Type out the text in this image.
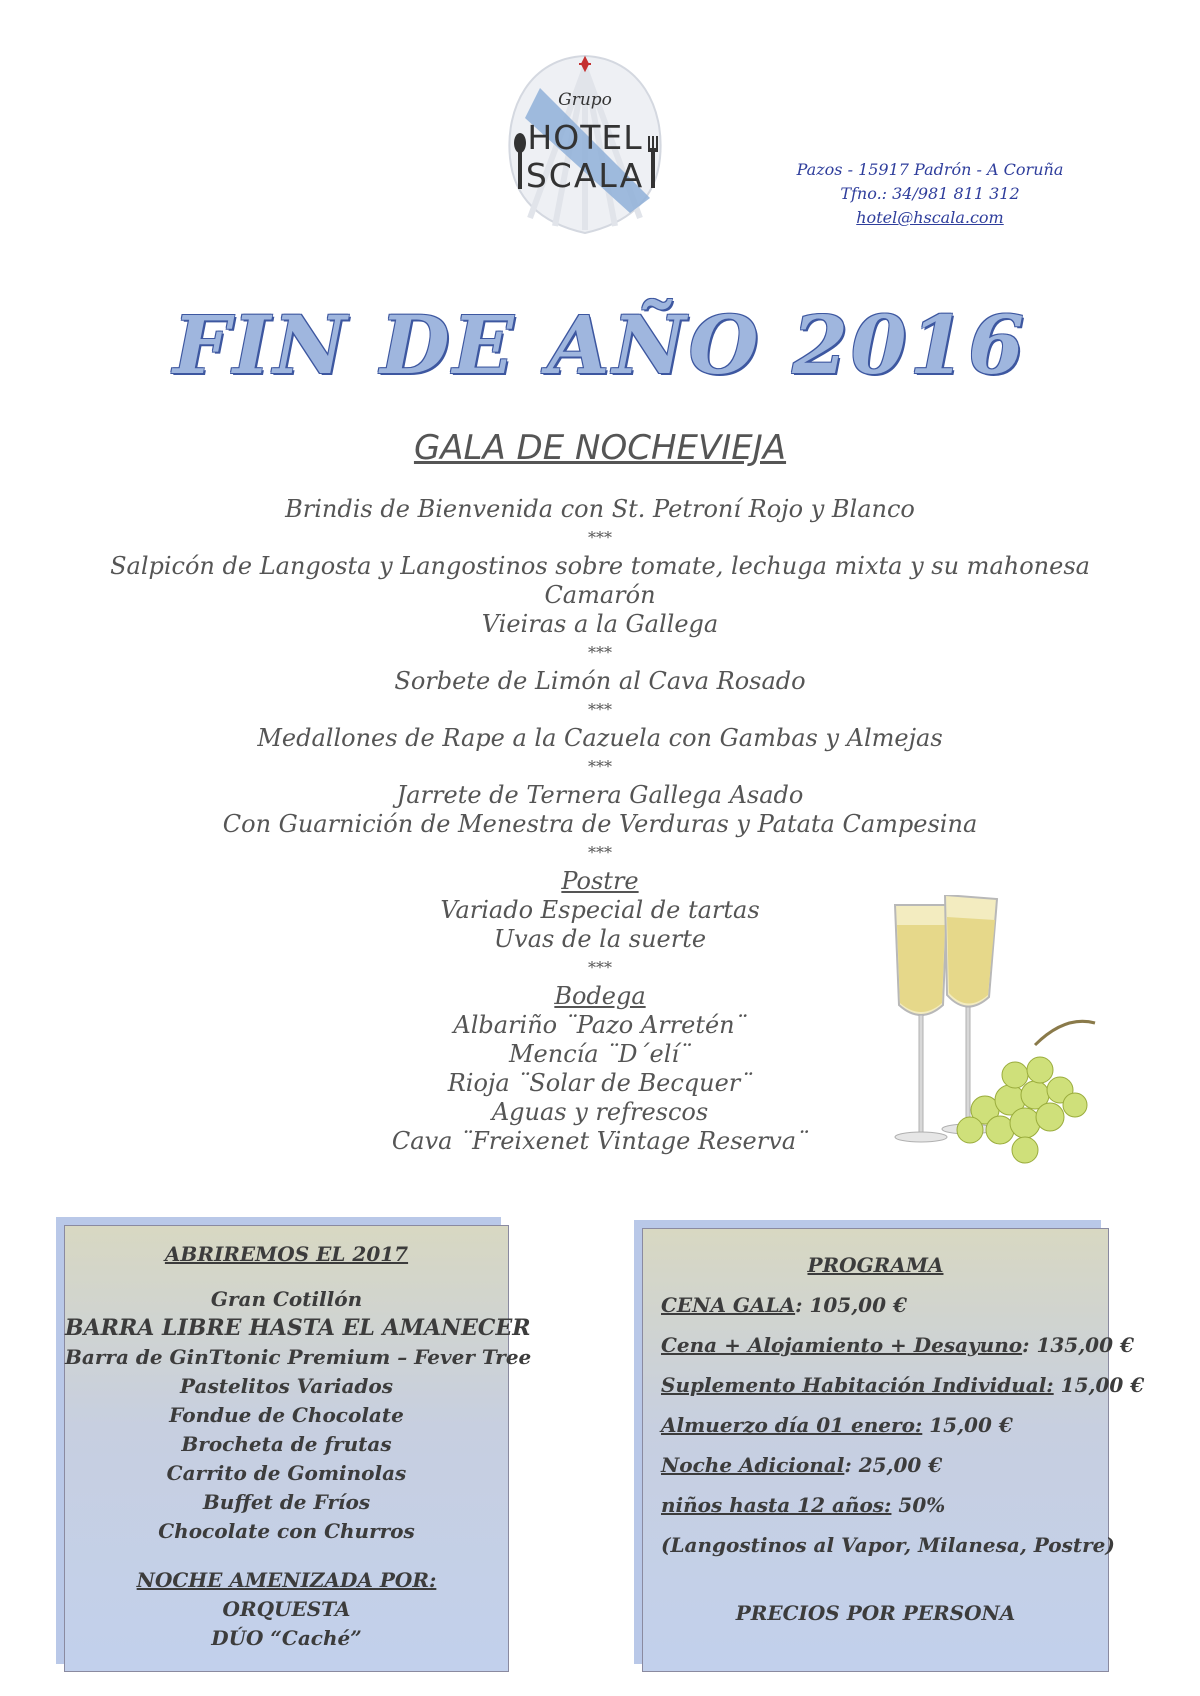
Grupo
HOTEL
SCALA	Pazos - 15917 Padrón - A Coruña
Tfno.: 34/981 811 312
hotel@hscala.com
FIN DE AÑO 2016
GALA DE NOCHEVIEJA
Brindis de Bienvenida con St. Petroní Rojo y Blanco
***
Salpicón de Langosta y Langostinos sobre tomate, lechuga mixta y su mahonesa
Camarón
Vieiras a la Gallega
***
Sorbete de Limón al Cava Rosado
***
Medallones de Rape a la Cazuela con Gambas y Almejas
***
Jarrete de Ternera Gallega Asado
Con Guarnición de Menestra de Verduras y Patata Campesina
***
Postre
Variado Especial de tartas
Uvas de la suerte
***
Bodega
Albariño ¨Pazo Arretén¨
Mencía ¨D´elí¨
Rioja ¨Solar de Becquer¨
Aguas y refrescos
Cava ¨Freixenet Vintage Reserva¨
ABRIREMOS EL 2017
Gran Cotillón
BARRA LIBRE HASTA EL AMANECER
Barra de GinTtonic Premium – Fever Tree
Pastelitos Variados
Fondue de Chocolate
Brocheta de frutas
Carrito de Gominolas
Buffet de Fríos
Chocolate con Churros
NOCHE AMENIZADA POR:
ORQUESTA
DÚO “Caché”
PROGRAMA
CENA GALA: 105,00 €
Cena + Alojamiento + Desayuno: 135,00 €
Suplemento Habitación Individual: 15,00 €
Almuerzo día 01 enero: 15,00 €
Noche Adicional: 25,00 €
niños hasta 12 años: 50%
(Langostinos al Vapor, Milanesa, Postre)
PRECIOS POR PERSONA
